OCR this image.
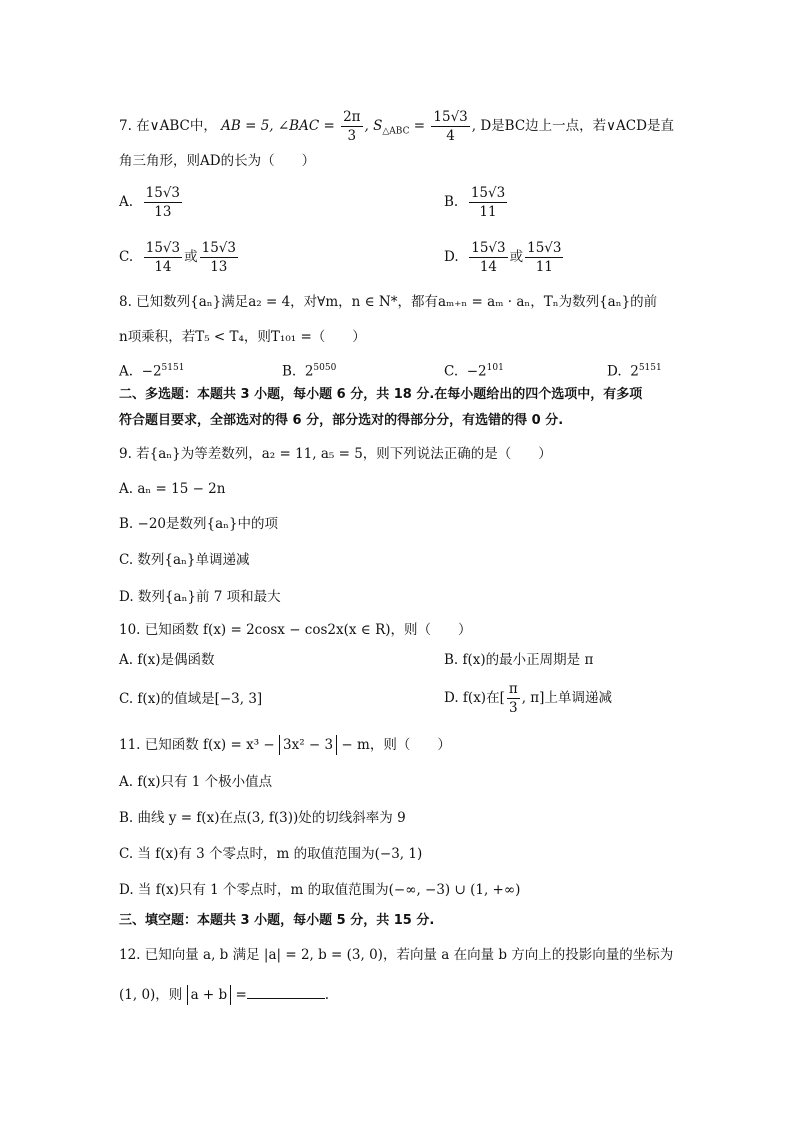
7. 在∨ABC中， AB = 5, ∠BAC = $\frac{2\pi}{3}$ , $S_{\triangle ABC} = \frac{15√3}{4}$ , D是BC边上一点，若∨ACD是直
角三角形，则AD的长为（　　）
A. $\frac{15√3}{13}$	B. $\frac{15√3}{11}$
C. $\frac{15√3}{14}$ 或 $\frac{15√3}{13}$	D. $\frac{15√3}{14}$ 或 $\frac{15√3}{11}$
8. 已知数列{aₙ}满足a₂ = 4，对∀m，n ∈ N*，都有aₘ₊ₙ = aₘ · aₙ，Tₙ为数列{aₙ}的前
n项乘积，若T₅ < T₄，则T₁₀₁ =（　　）
A. $-2^{5151}$	B. $2^{5050}$	C. $-2^{101}$	D. $2^{5151}$
二、多选题：本题共 3 小题，每小题 6 分，共 18 分.在每小题给出的四个选项中，有多项
符合题目要求，全部选对的得 6 分，部分选对的得部分分，有选错的得 0 分.
9. 若{aₙ}为等差数列，a₂ = 11, a₅ = 5，则下列说法正确的是（　　）
A. aₙ = 15 − 2n
B. −20是数列{aₙ}中的项
C. 数列{aₙ}单调递减
D. 数列{aₙ}前 7 项和最大
10. 已知函数 f(x) = 2cosx − cos2x(x ∈ R)，则（　　）
A. f(x)是偶函数	B. f(x)的最小正周期是 π
C. f(x)的值域是[−3, 3]	D. f(x)在[ $\frac{\pi}{3}$ , π]上单调递减
11. 已知函数 f(x) = x³ − 3x² − 3 − m，则（　　）
A. f(x)只有 1 个极小值点
B. 曲线 y = f(x)在点(3, f(3))处的切线斜率为 9
C. 当 f(x)有 3 个零点时，m 的取值范围为(−3, 1)
D. 当 f(x)只有 1 个零点时，m 的取值范围为(−∞, −3) ∪ (1, +∞)
三、填空题：本题共 3 小题，每小题 5 分，共 15 分.
12. 已知向量 a, b 满足 |a| = 2, b = (3, 0)，若向量 a 在向量 b 方向上的投影向量的坐标为
(1, 0)，则 a + b =	.
